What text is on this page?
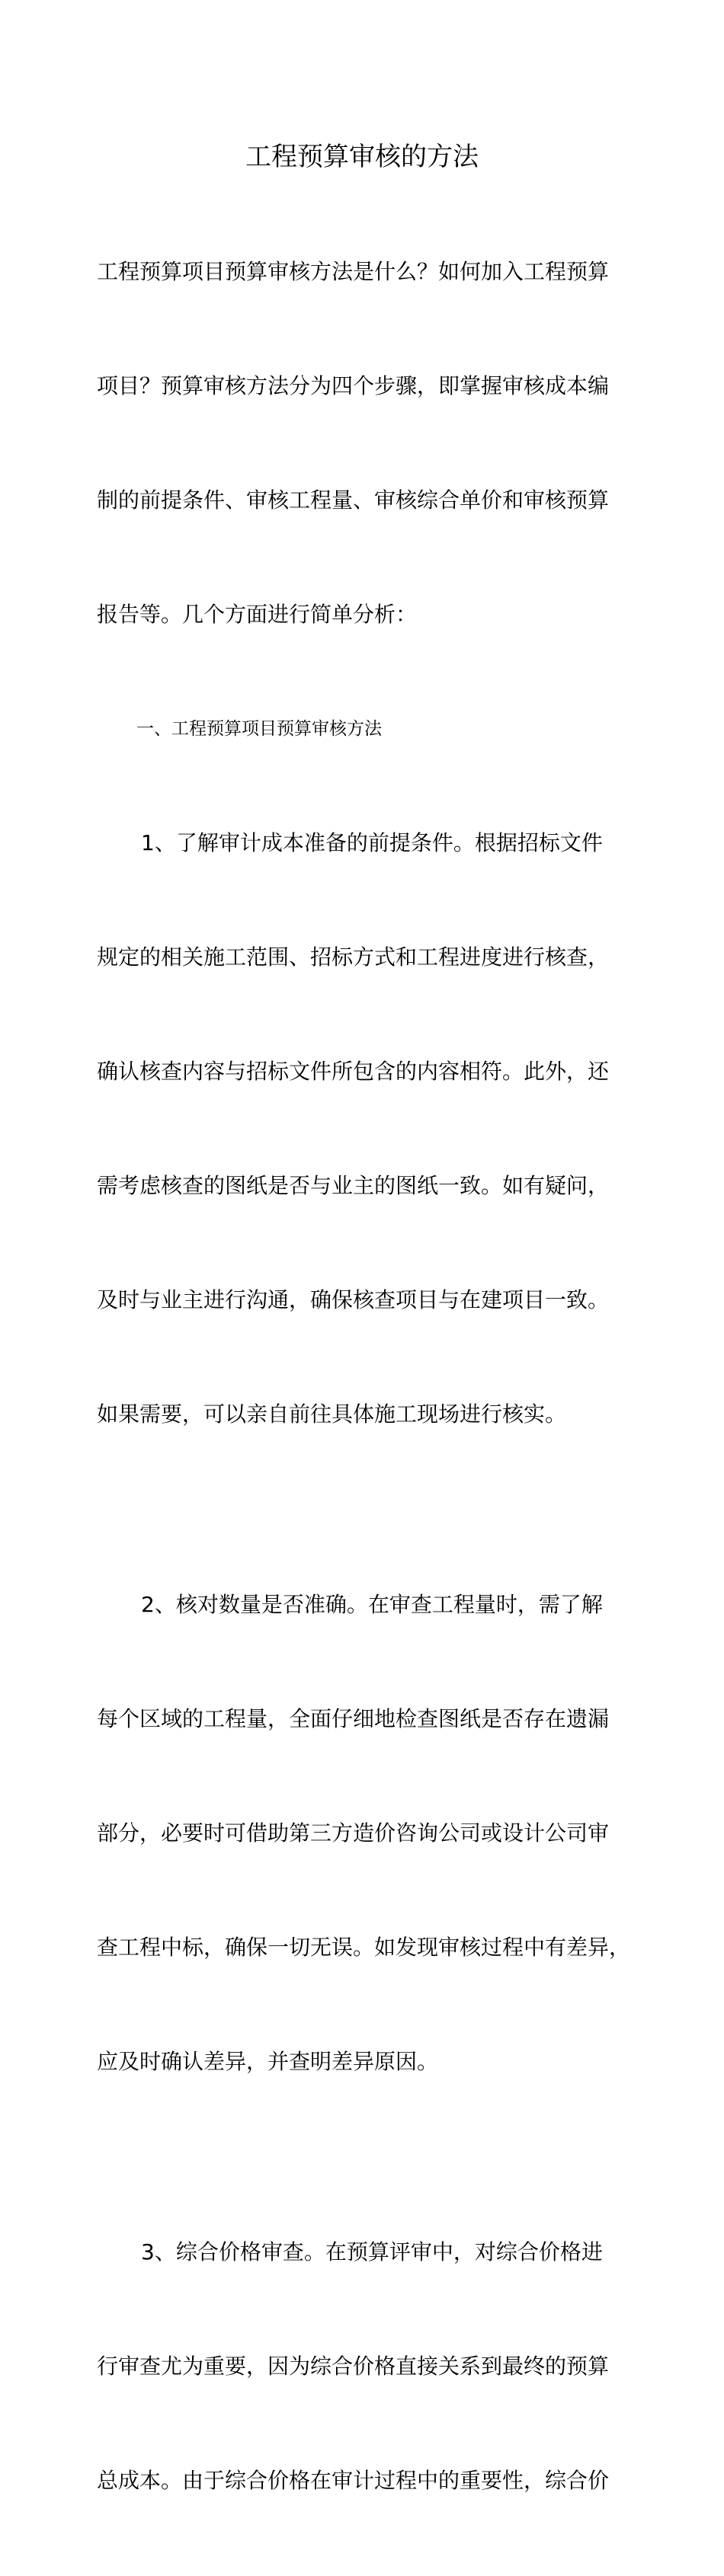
工程预算审核的方法

工程预算项目预算审核方法是什么？如何加入工程预算

项目？预算审核方法分为四个步骤，即掌握审核成本编

制的前提条件、审核工程量、审核综合单价和审核预算

报告等。几个方面进行简单分析：

一、工程预算项目预算审核方法

1、了解审计成本准备的前提条件。根据招标文件

规定的相关施工范围、招标方式和工程进度进行核查，

确认核查内容与招标文件所包含的内容相符。此外，还

需考虑核查的图纸是否与业主的图纸一致。如有疑问，

及时与业主进行沟通，确保核查项目与在建项目一致。

如果需要，可以亲自前往具体施工现场进行核实。

2、核对数量是否准确。在审查工程量时，需了解

每个区域的工程量，全面仔细地检查图纸是否存在遗漏

部分，必要时可借助第三方造价咨询公司或设计公司审

查工程中标，确保一切无误。如发现审核过程中有差异，

应及时确认差异，并查明差异原因。

3、综合价格审查。在预算评审中，对综合价格进

行审查尤为重要，因为综合价格直接关系到最终的预算

总成本。由于综合价格在审计过程中的重要性，综合价
